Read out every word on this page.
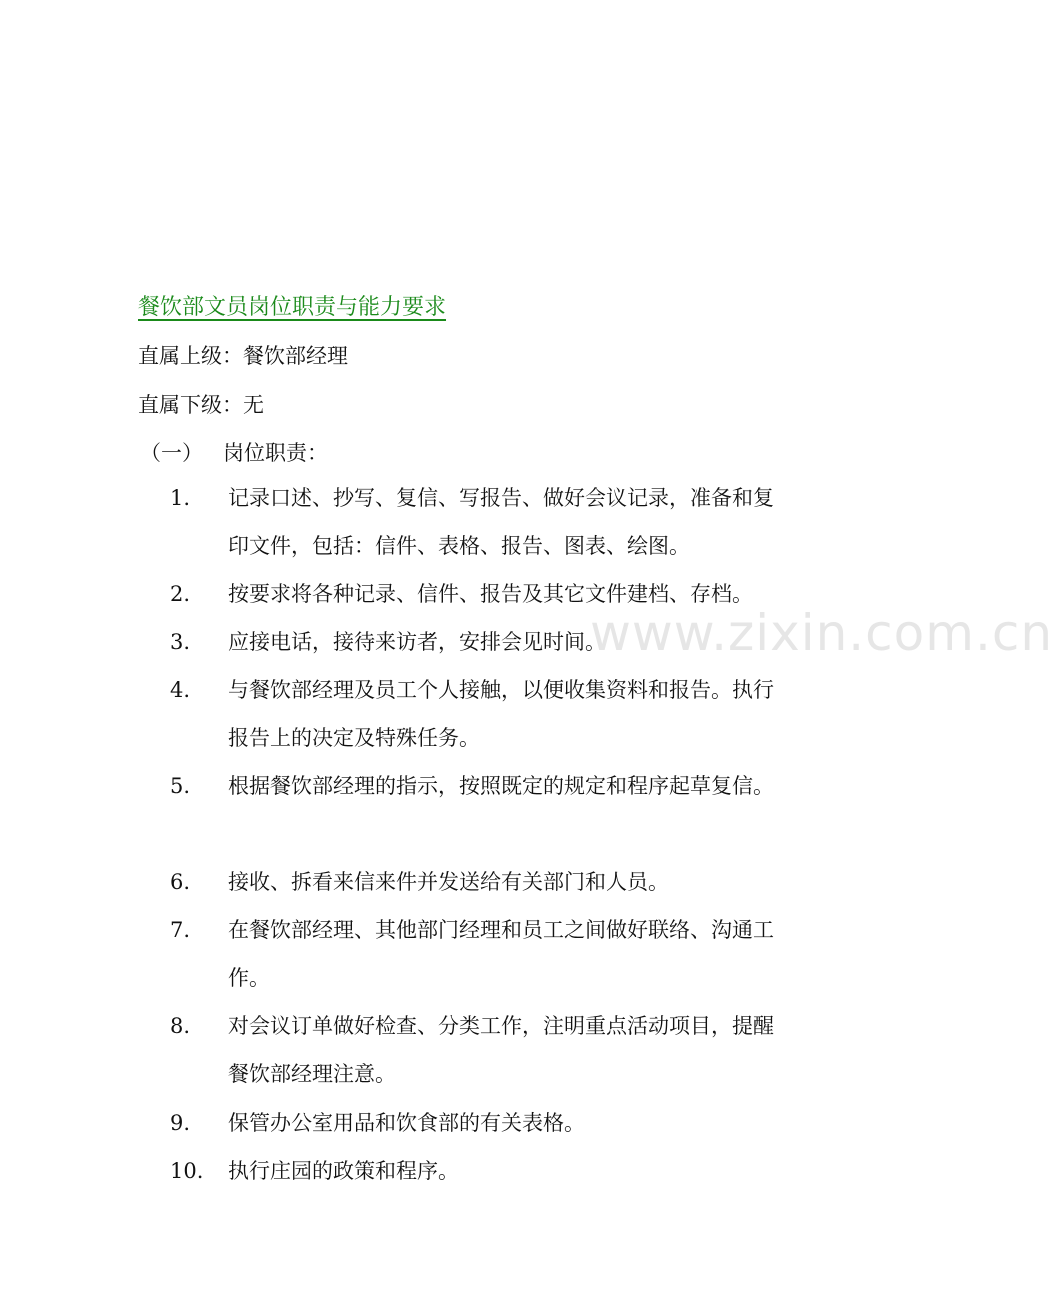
www.zixin.com.cn
餐饮部文员岗位职责与能力要求
直属上级：餐饮部经理
直属下级：无
（一） 岗位职责：
1. 记录口述、抄写、复信、写报告、做好会议记录，准备和复印文件，包括：信件、表格、报告、图表、绘图。
2. 按要求将各种记录、信件、报告及其它文件建档、存档。
3. 应接电话，接待来访者，安排会见时间。
4. 与餐饮部经理及员工个人接触，以便收集资料和报告。执行报告上的决定及特殊任务。
5. 根据餐饮部经理的指示，按照既定的规定和程序起草复信。
6. 接收、拆看来信来件并发送给有关部门和人员。
7. 在餐饮部经理、其他部门经理和员工之间做好联络、沟通工作。
8. 对会议订单做好检查、分类工作，注明重点活动项目，提醒餐饮部经理注意。
9. 保管办公室用品和饮食部的有关表格。
10. 执行庄园的政策和程序。
